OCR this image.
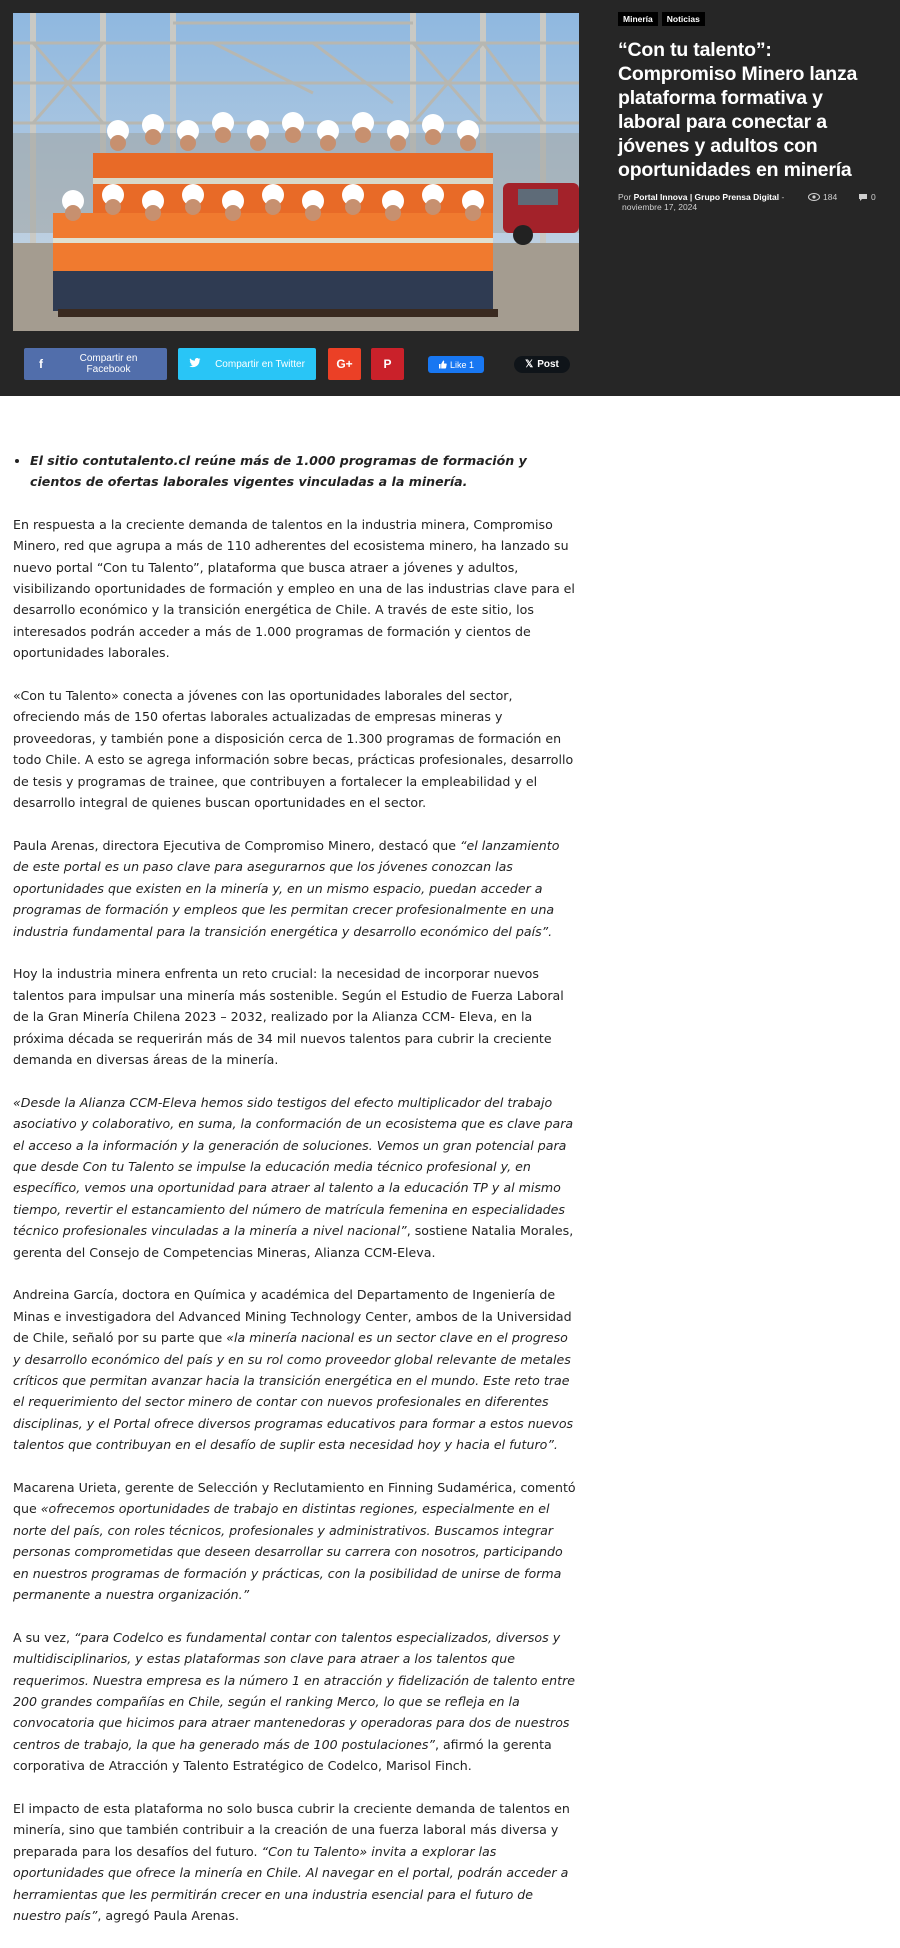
Minería	Noticias
“Con tu talento”: Compromiso Minero lanza plataforma formativa y laboral para conectar a jóvenes y adultos con oportunidades en minería
Por Portal Innova | Grupo Prensa Digital -
noviembre 17, 2024
184	0
f	Compartir en Facebook	Compartir en Twitter	G+	P	Like 1	𝕏 Post
• El sitio contutalento.cl reúne más de 1.000 programas de formación y cientos de ofertas laborales vigentes vinculadas a la minería.

En respuesta a la creciente demanda de talentos en la industria minera, Compromiso Minero, red que agrupa a más de 110 adherentes del ecosistema minero, ha lanzado su nuevo portal “Con tu Talento”, plataforma que busca atraer a jóvenes y adultos, visibilizando oportunidades de formación y empleo en una de las industrias clave para el desarrollo económico y la transición energética de Chile. A través de este sitio, los interesados podrán acceder a más de 1.000 programas de formación y cientos de oportunidades laborales.

«Con tu Talento» conecta a jóvenes con las oportunidades laborales del sector, ofreciendo más de 150 ofertas laborales actualizadas de empresas mineras y proveedoras, y también pone a disposición cerca de 1.300 programas de formación en todo Chile. A esto se agrega información sobre becas, prácticas profesionales, desarrollo de tesis y programas de trainee, que contribuyen a fortalecer la empleabilidad y el desarrollo integral de quienes buscan oportunidades en el sector.

Paula Arenas, directora Ejecutiva de Compromiso Minero, destacó que “el lanzamiento de este portal es un paso clave para asegurarnos que los jóvenes conozcan las oportunidades que existen en la minería y, en un mismo espacio, puedan acceder a programas de formación y empleos que les permitan crecer profesionalmente en una industria fundamental para la transición energética y desarrollo económico del país”.

Hoy la industria minera enfrenta un reto crucial: la necesidad de incorporar nuevos talentos para impulsar una minería más sostenible. Según el Estudio de Fuerza Laboral de la Gran Minería Chilena 2023 – 2032, realizado por la Alianza CCM- Eleva, en la próxima década se requerirán más de 34 mil nuevos talentos para cubrir la creciente demanda en diversas áreas de la minería.

«Desde la Alianza CCM-Eleva hemos sido testigos del efecto multiplicador del trabajo asociativo y colaborativo, en suma, la conformación de un ecosistema que es clave para el acceso a la información y la generación de soluciones. Vemos un gran potencial para que desde Con tu Talento se impulse la educación media técnico profesional y, en específico, vemos una oportunidad para atraer al talento a la educación TP y al mismo tiempo, revertir el estancamiento del número de matrícula femenina en especialidades técnico profesionales vinculadas a la minería a nivel nacional”, sostiene Natalia Morales, gerenta del Consejo de Competencias Mineras, Alianza CCM-Eleva.

Andreina García, doctora en Química y académica del Departamento de Ingeniería de Minas e investigadora del Advanced Mining Technology Center, ambos de la Universidad de Chile, señaló por su parte que «la minería nacional es un sector clave en el progreso y desarrollo económico del país y en su rol como proveedor global relevante de metales críticos que permitan avanzar hacia la transición energética en el mundo. Este reto trae el requerimiento del sector minero de contar con nuevos profesionales en diferentes disciplinas, y el Portal ofrece diversos programas educativos para formar a estos nuevos talentos que contribuyan en el desafío de suplir esta necesidad hoy y hacia el futuro”.

Macarena Urieta, gerente de Selección y Reclutamiento en Finning Sudamérica, comentó que «ofrecemos oportunidades de trabajo en distintas regiones, especialmente en el norte del país, con roles técnicos, profesionales y administrativos. Buscamos integrar personas comprometidas que deseen desarrollar su carrera con nosotros, participando en nuestros programas de formación y prácticas, con la posibilidad de unirse de forma permanente a nuestra organización.”

A su vez, “para Codelco es fundamental contar con talentos especializados, diversos y multidisciplinarios, y estas plataformas son clave para atraer a los talentos que requerimos. Nuestra empresa es la número 1 en atracción y fidelización de talento entre 200 grandes compañías en Chile, según el ranking Merco, lo que se refleja en la convocatoria que hicimos para atraer mantenedoras y operadoras para dos de nuestros centros de trabajo, la que ha generado más de 100 postulaciones”, afirmó la gerenta corporativa de Atracción y Talento Estratégico de Codelco, Marisol Finch.

El impacto de esta plataforma no solo busca cubrir la creciente demanda de talentos en minería, sino que también contribuir a la creación de una fuerza laboral más diversa y preparada para los desafíos del futuro. “Con tu Talento» invita a explorar las oportunidades que ofrece la minería en Chile. Al navegar en el portal, podrán acceder a herramientas que les permitirán crecer en una industria esencial para el futuro de nuestro país”, agregó Paula Arenas.
